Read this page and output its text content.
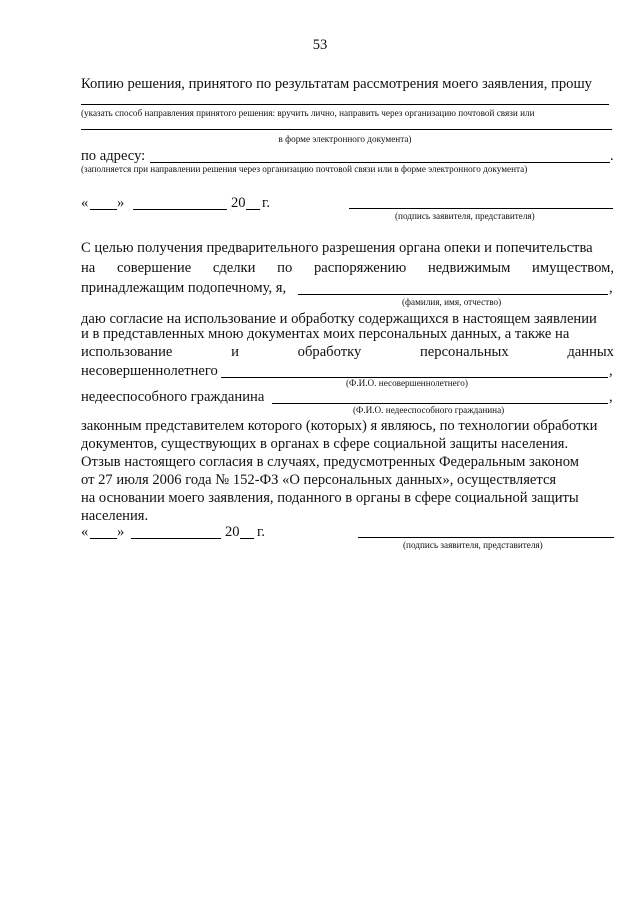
53
Копию решения, принятого по результатам рассмотрения моего заявления, прошу
(указать способ направления принятого решения: вручить лично, направить через организацию почтовой связи или
в форме электронного документа)
по адресу:	.
(заполняется при направлении решения через организацию почтовой связи или в форме электронного документа)
« »	20 г.
(подпись заявителя, представителя)
С целью получения предварительного разрешения органа опеки и попечительства
на совершение сделки по распоряжению недвижимым имуществом,
принадлежащим подопечному, я,	,
(фамилия, имя, отчество)
даю согласие на использование и обработку содержащихся в настоящем заявлении
и в представленных мною документах моих персональных данных, а также на
использование	и	обработку	персональных	данных
несовершеннолетнего	,
(Ф.И.О. несовершеннолетнего)
недееспособного гражданина	,
(Ф.И.О. недееспособного гражданина)
законным представителем которого (которых) я являюсь, по технологии обработки
документов, существующих в органах в сфере социальной защиты населения.
Отзыв настоящего согласия в случаях, предусмотренных Федеральным законом
от 27 июля 2006 года № 152-ФЗ «О персональных данных», осуществляется
на основании моего заявления, поданного в органы в сфере социальной защиты
населения.
« »	20 г.
(подпись заявителя, представителя)
